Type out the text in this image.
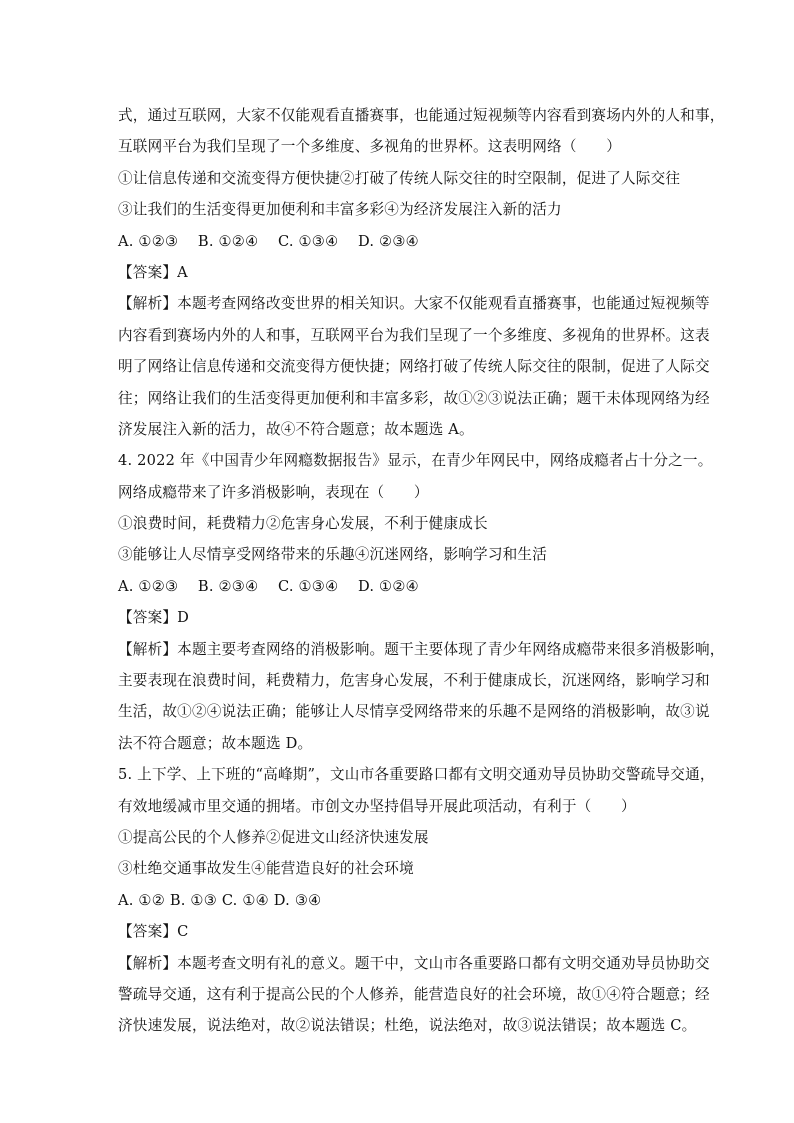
式，通过互联网，大家不仅能观看直播赛事，也能通过短视频等内容看到赛场内外的人和事，
互联网平台为我们呈现了一个多维度、多视角的世界杯。这表明网络（　　）
①让信息传递和交流变得方便快捷②打破了传统人际交往的时空限制，促进了人际交往
③让我们的生活变得更加便利和丰富多彩④为经济发展注入新的活力
A. ①②③　 B. ①②④　 C. ①③④　 D. ②③④
【答案】A
【解析】本题考查网络改变世界的相关知识。大家不仅能观看直播赛事，也能通过短视频等
内容看到赛场内外的人和事，互联网平台为我们呈现了一个多维度、多视角的世界杯。这表
明了网络让信息传递和交流变得方便快捷；网络打破了传统人际交往的限制，促进了人际交
往；网络让我们的生活变得更加便利和丰富多彩，故①②③说法正确；题干未体现网络为经
济发展注入新的活力，故④不符合题意；故本题选 A。
4. 2022 年《中国青少年网瘾数据报告》显示，在青少年网民中，网络成瘾者占十分之一。
网络成瘾带来了许多消极影响，表现在（　　）
①浪费时间，耗费精力②危害身心发展，不利于健康成长
③能够让人尽情享受网络带来的乐趣④沉迷网络，影响学习和生活
A. ①②③　 B. ②③④　 C. ①③④　 D. ①②④
【答案】D
【解析】本题主要考查网络的消极影响。题干主要体现了青少年网络成瘾带来很多消极影响，
主要表现在浪费时间，耗费精力，危害身心发展，不利于健康成长，沉迷网络，影响学习和
生活，故①②④说法正确；能够让人尽情享受网络带来的乐趣不是网络的消极影响，故③说
法不符合题意；故本题选 D。
5. 上下学、上下班的“高峰期”，文山市各重要路口都有文明交通劝导员协助交警疏导交通，
有效地缓减市里交通的拥堵。市创文办坚持倡导开展此项活动，有利于（　　）
①提高公民的个人修养②促进文山经济快速发展
③杜绝交通事故发生④能营造良好的社会环境
A. ①② B. ①③ C. ①④ D. ③④
【答案】C
【解析】本题考查文明有礼的意义。题干中，文山市各重要路口都有文明交通劝导员协助交
警疏导交通，这有利于提高公民的个人修养，能营造良好的社会环境，故①④符合题意；经
济快速发展，说法绝对，故②说法错误；杜绝，说法绝对，故③说法错误；故本题选 C。
